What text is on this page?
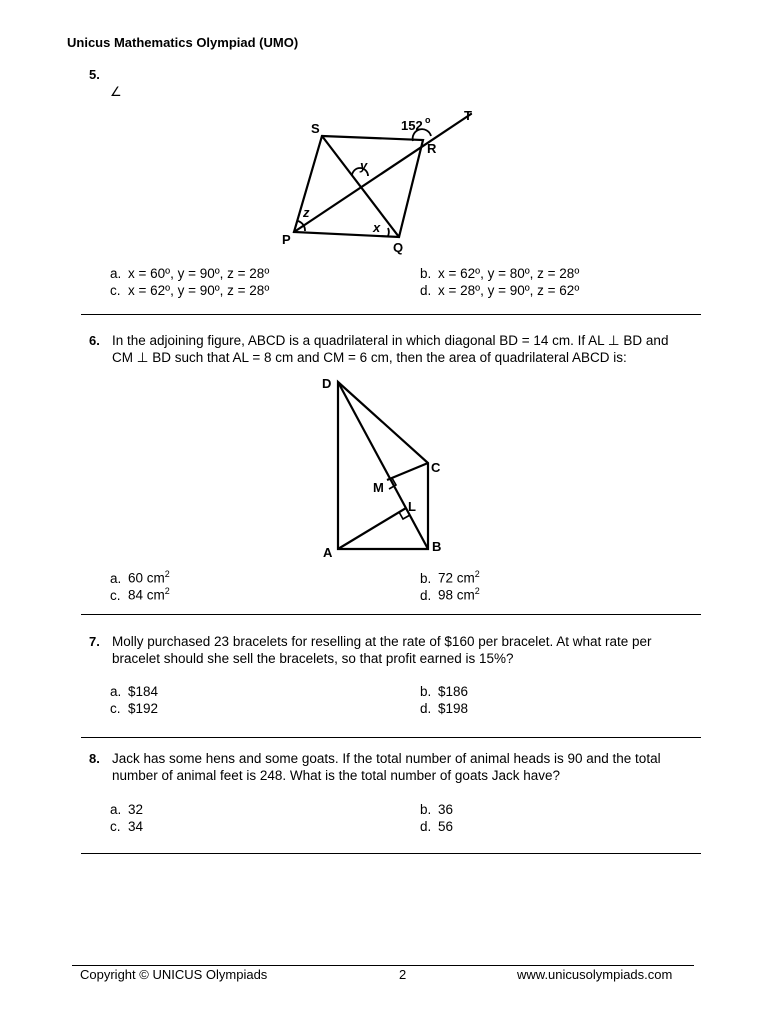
Unicus Mathematics Olympiad (UMO)
5.
∠
S
R
T
P
Q
152 o
y
z
x
a. x = 60º, y = 90º, z = 28º	b. x = 62º, y = 80º, z = 28º
c. x = 62º, y = 90º, z = 28º	d. x = 28º, y = 90º, z = 62º
6. In the adjoining figure, ABCD is a quadrilateral in which diagonal BD = 14 cm. If AL ⊥ BD and
CM ⊥ BD such that AL = 8 cm and CM = 6 cm, then the area of quadrilateral ABCD is:
D
C
M
L
A	B
a. 60 $cm^2$	b. 72 $cm^2$
c. 84 $cm^2$	d. 98 $cm^2$
7. Molly purchased 23 bracelets for reselling at the rate of $160 per bracelet. At what rate per
bracelet should she sell the bracelets, so that profit earned is 15%?
a. $184	b. $186
c. $192	d. $198
8. Jack has some hens and some goats. If the total number of animal heads is 90 and the total
number of animal feet is 248. What is the total number of goats Jack have?
a. 32	b. 36
c. 34	d. 56
Copyright © UNICUS Olympiads	2	www.unicusolympiads.com
